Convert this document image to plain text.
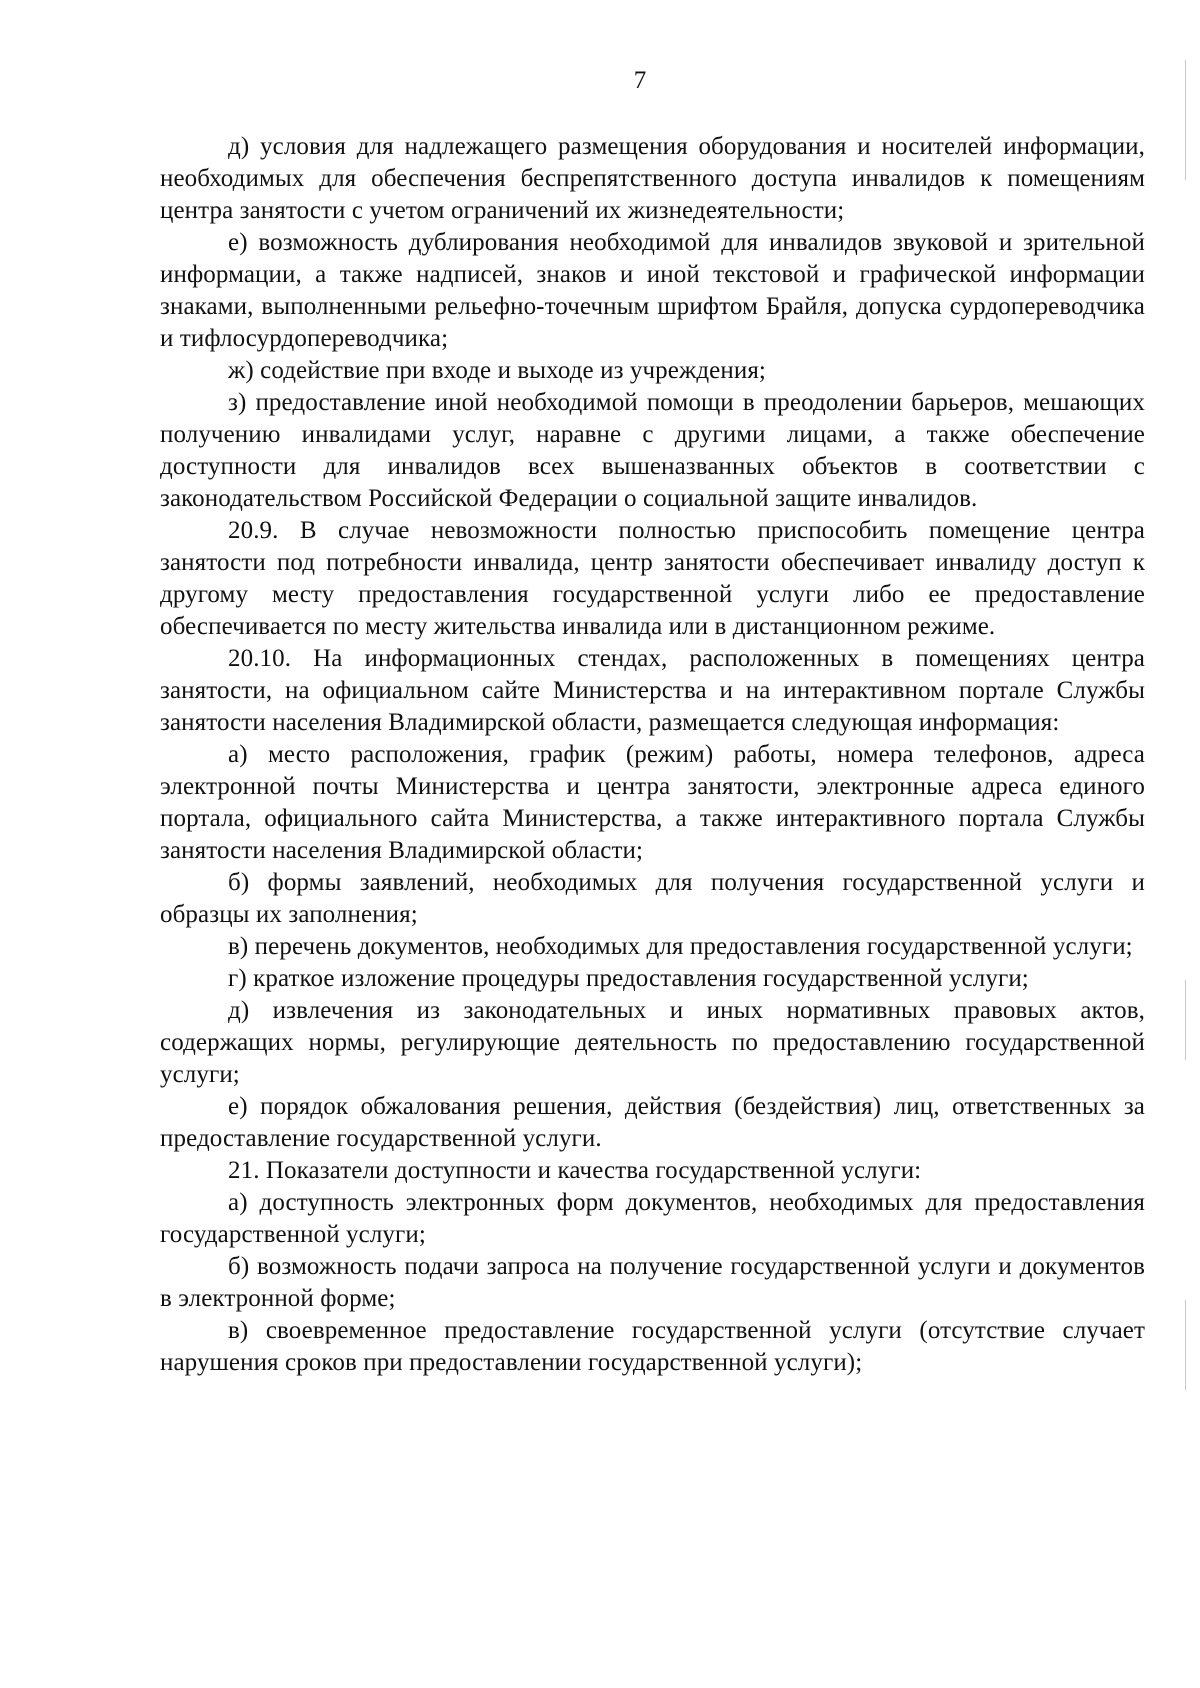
7

д) условия для надлежащего размещения оборудования и носителей информации, необходимых для обеспечения беспрепятственного доступа инвалидов к помещениям центра занятости с учетом ограничений их жизнедеятельности;

е) возможность дублирования необходимой для инвалидов звуковой и зрительной информации, а также надписей, знаков и иной текстовой и графической информации знаками, выполненными рельефно-точечным шрифтом Брайля, допуска сурдопереводчика и тифлосурдопереводчика;

ж) содействие при входе и выходе из учреждения;

з) предоставление иной необходимой помощи в преодолении барьеров, мешающих получению инвалидами услуг, наравне с другими лицами, а также обеспечение доступности для инвалидов всех вышеназванных объектов в соответствии с законодательством Российской Федерации о социальной защите инвалидов.

20.9. В случае невозможности полностью приспособить помещение центра занятости под потребности инвалида, центр занятости обеспечивает инвалиду доступ к другому месту предоставления государственной услуги либо ее предоставление обеспечивается по месту жительства инвалида или в дистанционном режиме.

20.10. На информационных стендах, расположенных в помещениях центра занятости, на официальном сайте Министерства и на интерактивном портале Службы занятости населения Владимирской области, размещается следующая информация:

а) место расположения, график (режим) работы, номера телефонов, адреса электронной почты Министерства и центра занятости, электронные адреса единого портала, официального сайта Министерства, а также интерактивного портала Службы занятости населения Владимирской области;

б) формы заявлений, необходимых для получения государственной услуги и образцы их заполнения;

в) перечень документов, необходимых для предоставления государственной услуги;

г) краткое изложение процедуры предоставления государственной услуги;

д) извлечения из законодательных и иных нормативных правовых актов, содержащих нормы, регулирующие деятельность по предоставлению государственной услуги;

е) порядок обжалования решения, действия (бездействия) лиц, ответственных за предоставление государственной услуги.

21. Показатели доступности и качества государственной услуги:

а) доступность электронных форм документов, необходимых для предоставления государственной услуги;

б) возможность подачи запроса на получение государственной услуги и документов в электронной форме;

в) своевременное предоставление государственной услуги (отсутствие случает нарушения сроков при предоставлении государственной услуги);
